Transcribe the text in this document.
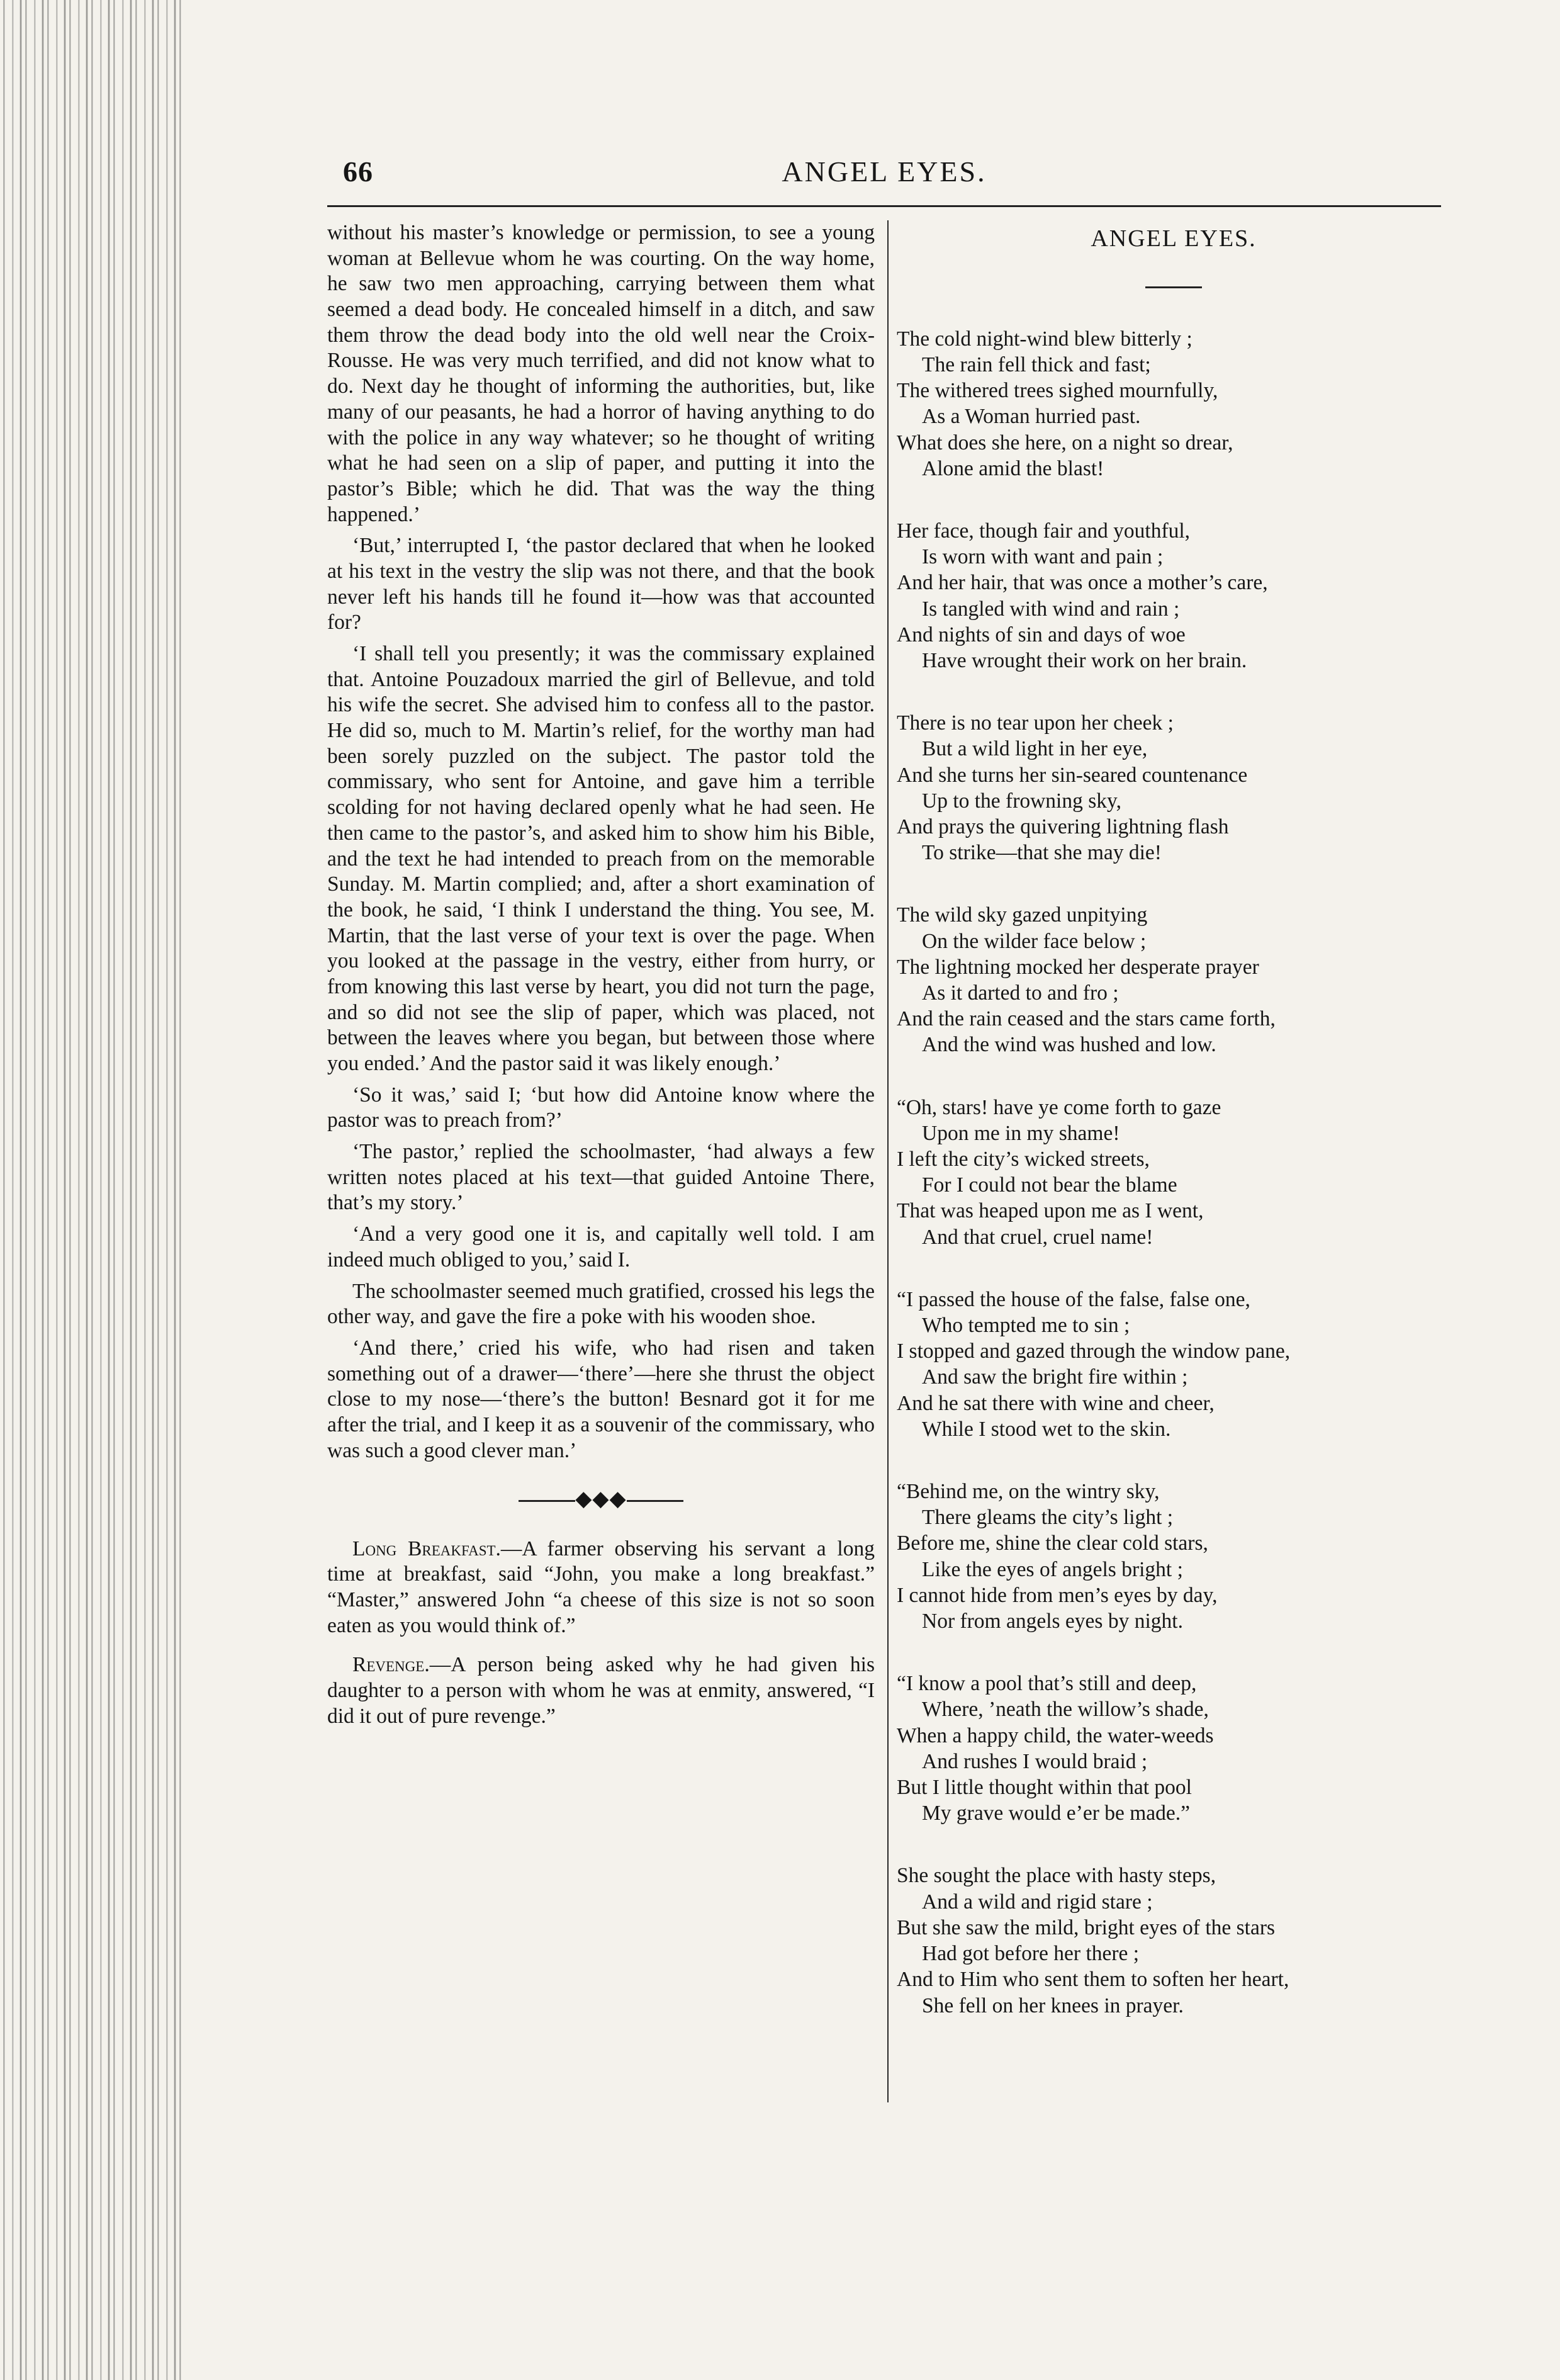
66	ANGEL EYES.

without his master’s knowledge or permission, to see a young woman at Bellevue whom he was courting. On the way home, he saw two men approaching, carrying between them what seemed a dead body. He concealed himself in a ditch, and saw them throw the dead body into the old well near the Croix-Rousse. He was very much terrified, and did not know what to do. Next day he thought of informing the authorities, but, like many of our peasants, he had a horror of having anything to do with the police in any way whatever; so he thought of writing what he had seen on a slip of paper, and putting it into the pastor’s Bible; which he did. That was the way the thing happened.’

‘But,’ interrupted I, ‘the pastor declared that when he looked at his text in the vestry the slip was not there, and that the book never left his hands till he found it—how was that accounted for?

‘I shall tell you presently; it was the commissary explained that. Antoine Pouzadoux married the girl of Bellevue, and told his wife the secret. She advised him to confess all to the pastor. He did so, much to M. Martin’s relief, for the worthy man had been sorely puzzled on the subject. The pastor told the commissary, who sent for Antoine, and gave him a terrible scolding for not having declared openly what he had seen. He then came to the pastor’s, and asked him to show him his Bible, and the text he had intended to preach from on the memorable Sunday. M. Martin complied; and, after a short examination of the book, he said, ‘I think I understand the thing. You see, M. Martin, that the last verse of your text is over the page. When you looked at the passage in the vestry, either from hurry, or from knowing this last verse by heart, you did not turn the page, and so did not see the slip of paper, which was placed, not between the leaves where you began, but between those where you ended.’ And the pastor said it was likely enough.’

‘So it was,’ said I; ‘but how did Antoine know where the pastor was to preach from?’

‘The pastor,’ replied the schoolmaster, ‘had always a few written notes placed at his text—that guided Antoine There, that’s my story.’

‘And a very good one it is, and capitally well told. I am indeed much obliged to you,’ said I.

The schoolmaster seemed much gratified, crossed his legs the other way, and gave the fire a poke with his wooden shoe.

‘And there,’ cried his wife, who had risen and taken something out of a drawer—‘there’—here she thrust the object close to my nose—‘there’s the button! Besnard got it for me after the trial, and I keep it as a souvenir of the commissary, who was such a good clever man.’

◆◆◆

Long Breakfast.—A farmer observing his servant a long time at breakfast, said “John, you make a long breakfast.” “Master,” answered John “a cheese of this size is not so soon eaten as you would think of.”

Revenge.—A person being asked why he had given his daughter to a person with whom he was at enmity, answered, “I did it out of pure revenge.”

ANGEL EYES.
The cold night-wind blew bitterly ;
The rain fell thick and fast;
The withered trees sighed mournfully,
As a Woman hurried past.
What does she here, on a night so drear,
Alone amid the blast!
Her face, though fair and youthful,
Is worn with want and pain ;
And her hair, that was once a mother’s care,
Is tangled with wind and rain ;
And nights of sin and days of woe
Have wrought their work on her brain.
There is no tear upon her cheek ;
But a wild light in her eye,
And she turns her sin-seared countenance
Up to the frowning sky,
And prays the quivering lightning flash
To strike—that she may die!
The wild sky gazed unpitying
On the wilder face below ;
The lightning mocked her desperate prayer
As it darted to and fro ;
And the rain ceased and the stars came forth,
And the wind was hushed and low.
“Oh, stars! have ye come forth to gaze
Upon me in my shame!
I left the city’s wicked streets,
For I could not bear the blame
That was heaped upon me as I went,
And that cruel, cruel name!
“I passed the house of the false, false one,
Who tempted me to sin ;
I stopped and gazed through the window pane,
And saw the bright fire within ;
And he sat there with wine and cheer,
While I stood wet to the skin.
“Behind me, on the wintry sky,
There gleams the city’s light ;
Before me, shine the clear cold stars,
Like the eyes of angels bright ;
I cannot hide from men’s eyes by day,
Nor from angels eyes by night.
“I know a pool that’s still and deep,
Where, ’neath the willow’s shade,
When a happy child, the water-weeds
And rushes I would braid ;
But I little thought within that pool
My grave would e’er be made.”
She sought the place with hasty steps,
And a wild and rigid stare ;
But she saw the mild, bright eyes of the stars
Had got before her there ;
And to Him who sent them to soften her heart,
She fell on her knees in prayer.
